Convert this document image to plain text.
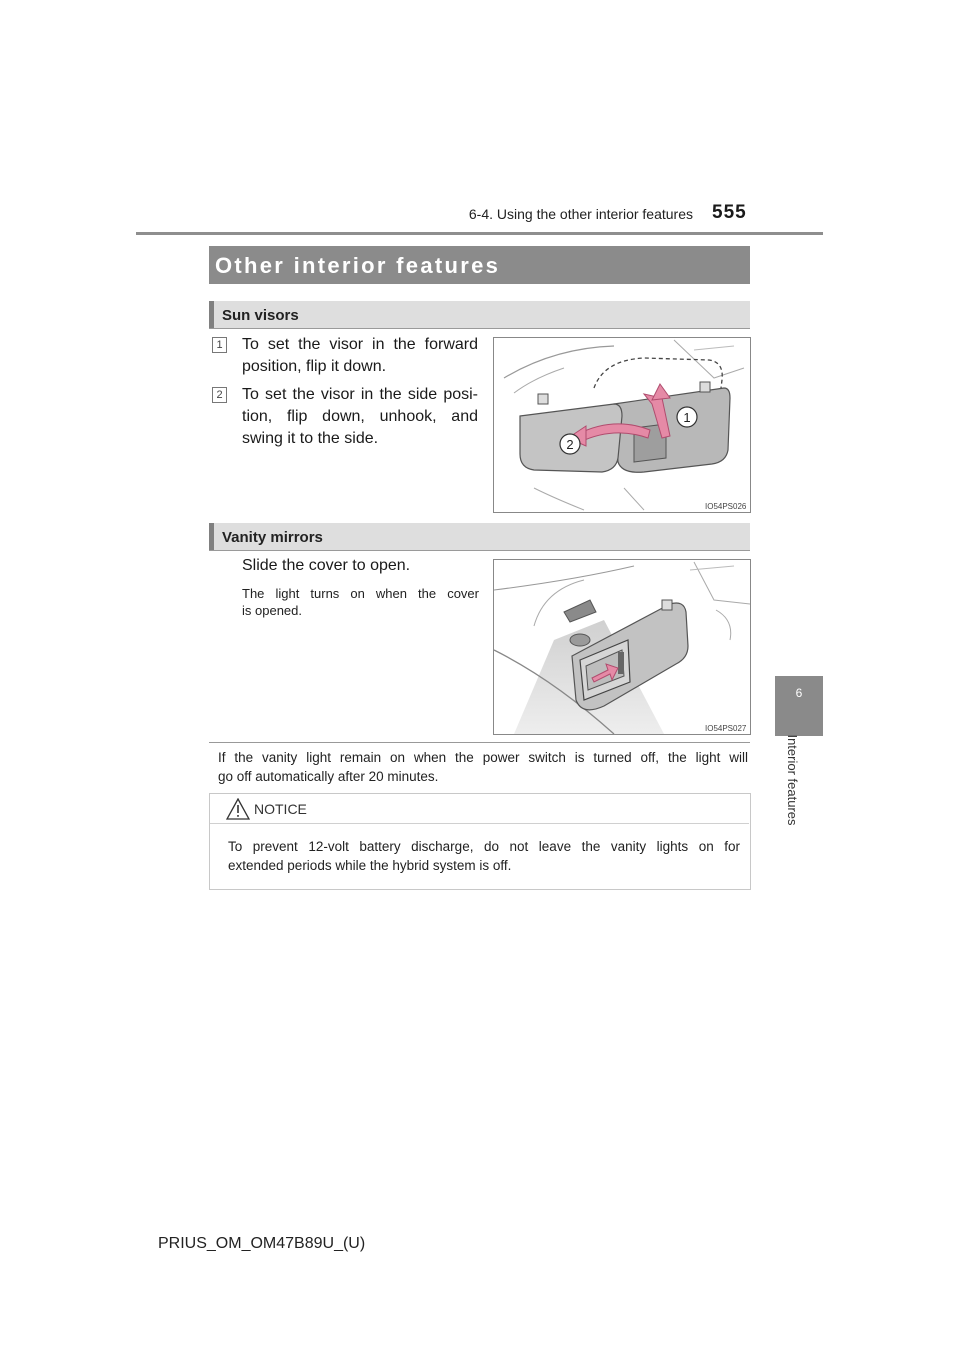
6-4. Using the other interior features 555
6
Interior features
Other interior features
Sun visors
1 To set the visor in the forward
position, flip it down.
2 To set the visor in the side posi-
tion, flip down, unhook, and
swing it to the side.
1
2
IO54PS026
Vanity mirrors
Slide the cover to open.
The light turns on when the cover
is opened.
IO54PS027
If the vanity light remain on when the power switch is turned off, the light will
go off automatically after 20 minutes.
NOTICE
To prevent 12-volt battery discharge, do not leave the vanity lights on for
extended periods while the hybrid system is off.
PRIUS_OM_OM47B89U_(U)
